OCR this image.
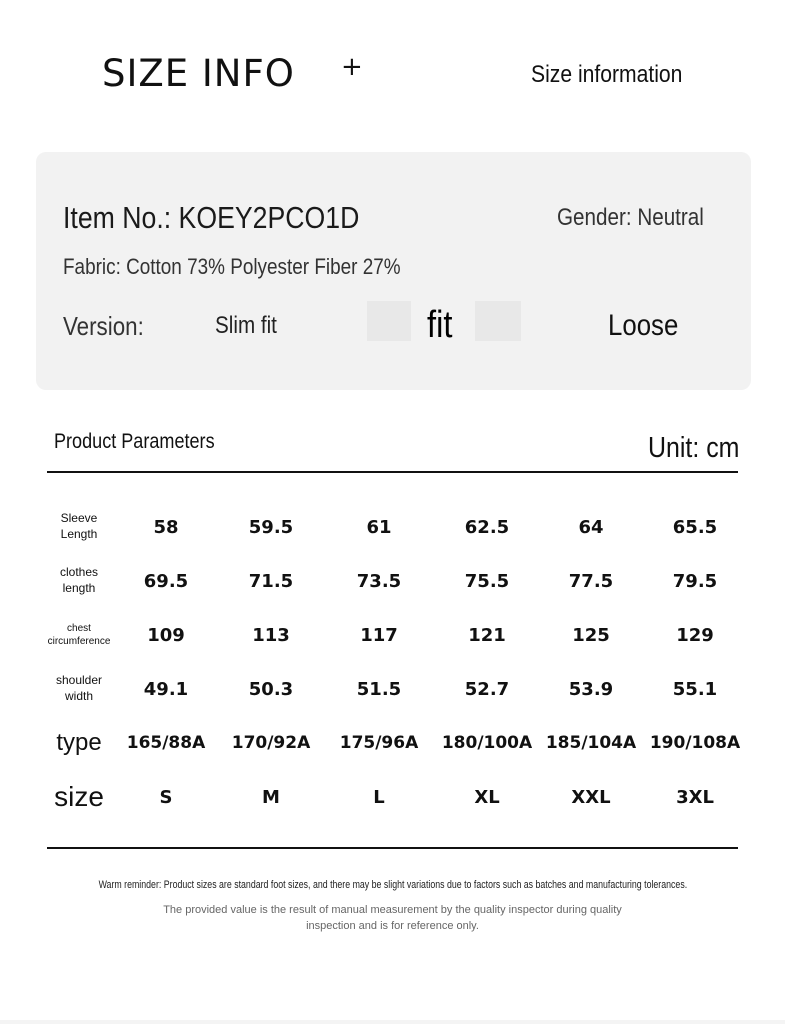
SIZE INFO +	Size information
Item No.: KOEY2PCO1D	Gender: Neutral
Fabric: Cotton 73% Polyester Fiber 27%
Version:	Slim fit	fit	Loose
Product Parameters	Unit: cm
Sleeve
Length	58	59.5	61	62.5	64	65.5
clothes
length	69.5	71.5	73.5	75.5	77.5	79.5
chest
circumference	109	113	117	121	125	129
shoulder
width	49.1	50.3	51.5	52.7	53.9	55.1
type	165/88A	170/92A	175/96A	180/100A 185/104A 190/108A
size	S	M	L	XL	XXL	3XL
Warm reminder: Product sizes are standard foot sizes, and there may be slight variations due to factors such as batches and manufacturing tolerances.
The provided value is the result of manual measurement by the quality inspector during quality inspection and is for reference only.
